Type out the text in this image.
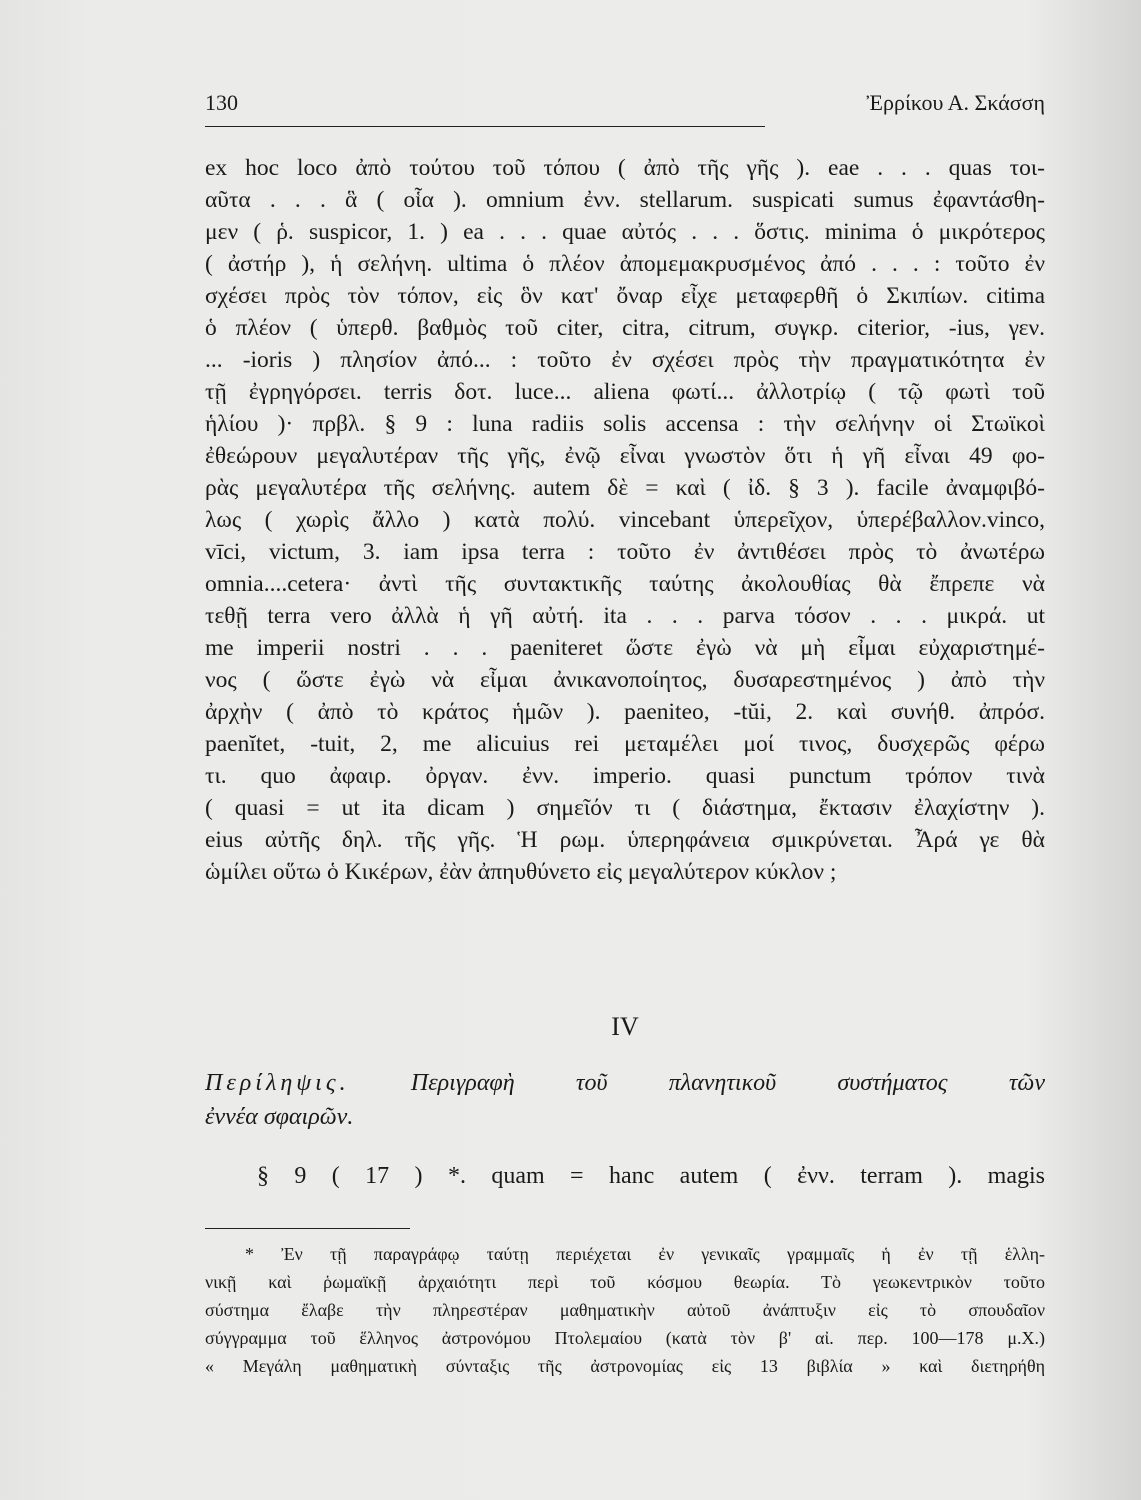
130	Ἐρρίκου Α. Σκάσση
ex hoc loco ἀπὸ τούτου τοῦ τόπου ( ἀπὸ τῆς γῆς ). eae . . . quas τοι-
αῦτα . . . ἃ ( οἷα ). omnium ἐνν. stellarum. suspicati sumus ἐφαντάσθη-
μεν ( ῥ. suspicor, 1. ) ea . . . quae αὐτός . . . ὅστις. minima ὁ μικρότερος
( ἀστήρ ), ἡ σελήνη. ultima ὁ πλέον ἀπομεμακρυσμένος ἀπό . . . : τοῦτο ἐν
σχέσει πρὸς τὸν τόπον, εἰς ὃν κατ' ὄναρ εἶχε μεταφερθῆ ὁ Σκιπίων. citima
ὁ πλέον ( ὑπερθ. βαθμὸς τοῦ citer, citra, citrum, συγκρ. citerior, -ius, γεν.
... -ioris ) πλησίον ἀπό... : τοῦτο ἐν σχέσει πρὸς τὴν πραγματικότητα ἐν
τῇ ἐγρηγόρσει. terris δοτ. luce... aliena φωτί... ἀλλοτρίῳ ( τῷ φωτὶ τοῦ
ἡλίου )· πρβλ. § 9 : luna radiis solis accensa : τὴν σελήνην οἱ Στωϊκοὶ
ἐθεώρουν μεγαλυτέραν τῆς γῆς, ἐνῷ εἶναι γνωστὸν ὅτι ἡ γῆ εἶναι 49 φο-
ρὰς μεγαλυτέρα τῆς σελήνης. autem δὲ = καὶ ( ἰδ. § 3 ). facile ἀναμφιβό-
λως ( χωρὶς ἄλλο ) κατὰ πολύ. vincebant ὑπερεῖχον, ὑπερέβαλλον.vinco,
vīci, victum, 3. iam ipsa terra : τοῦτο ἐν ἀντιθέσει πρὸς τὸ ἀνωτέρω
omnia....cetera· ἀντὶ τῆς συντακτικῆς ταύτης ἀκολουθίας θὰ ἔπρεπε νὰ
τεθῇ terra vero ἀλλὰ ἡ γῆ αὐτή. ita . . . parva τόσον . . . μικρά. ut
me imperii nostri . . . paeniteret ὥστε ἐγὼ νὰ μὴ εἶμαι εὐχαριστημέ-
νος ( ὥστε ἐγὼ νὰ εἶμαι ἀνικανοποίητος, δυσαρεστημένος ) ἀπὸ τὴν
ἀρχὴν ( ἀπὸ τὸ κράτος ἡμῶν ). paeniteo, -tŭi, 2. καὶ συνήθ. ἀπρόσ.
paenĭtet, -tuit, 2, me alicuius rei μεταμέλει μοί τινος, δυσχερῶς φέρω
τι. quo ἀφαιρ. ὀργαν. ἐνν. imperio. quasi punctum τρόπον τινὰ
( quasi = ut ita dicam ) σημεῖόν τι ( διάστημα, ἔκτασιν ἐλαχίστην ).
eius αὐτῆς δηλ. τῆς γῆς. Ἡ ρωμ. ὑπερηφάνεια σμικρύνεται. Ἆρά γε θὰ
ὡμίλει οὕτω ὁ Κικέρων, ἐὰν ἀπηυθύνετο εἰς μεγαλύτερον κύκλον ;
IV
Περίληψις.	Περιγραφὴ τοῦ πλανητικοῦ συστήματος τῶν
ἐννέα σφαιρῶν.
§ 9 ( 17 ) *. quam = hanc autem ( ἐνν. terram ). magis
* Ἐν τῇ παραγράφῳ ταύτῃ περιέχεται ἐν γενικαῖς γραμμαῖς ἡ ἐν τῇ ἑλλη-
νικῇ καὶ ῥωμαϊκῇ ἀρχαιότητι περὶ τοῦ κόσμου θεωρία. Τὸ γεωκεντρικὸν τοῦτο
σύστημα ἔλαβε τὴν πληρεστέραν μαθηματικὴν αὐτοῦ ἀνάπτυξιν εἰς τὸ σπουδαῖον
σύγγραμμα τοῦ ἕλληνος ἀστρονόμου Πτολεμαίου (κατὰ τὸν β' αἰ. περ. 100—178 μ.Χ.)
« Μεγάλη μαθηματικὴ σύνταξις τῆς ἀστρονομίας εἰς 13 βιβλία » καὶ διετηρήθη
